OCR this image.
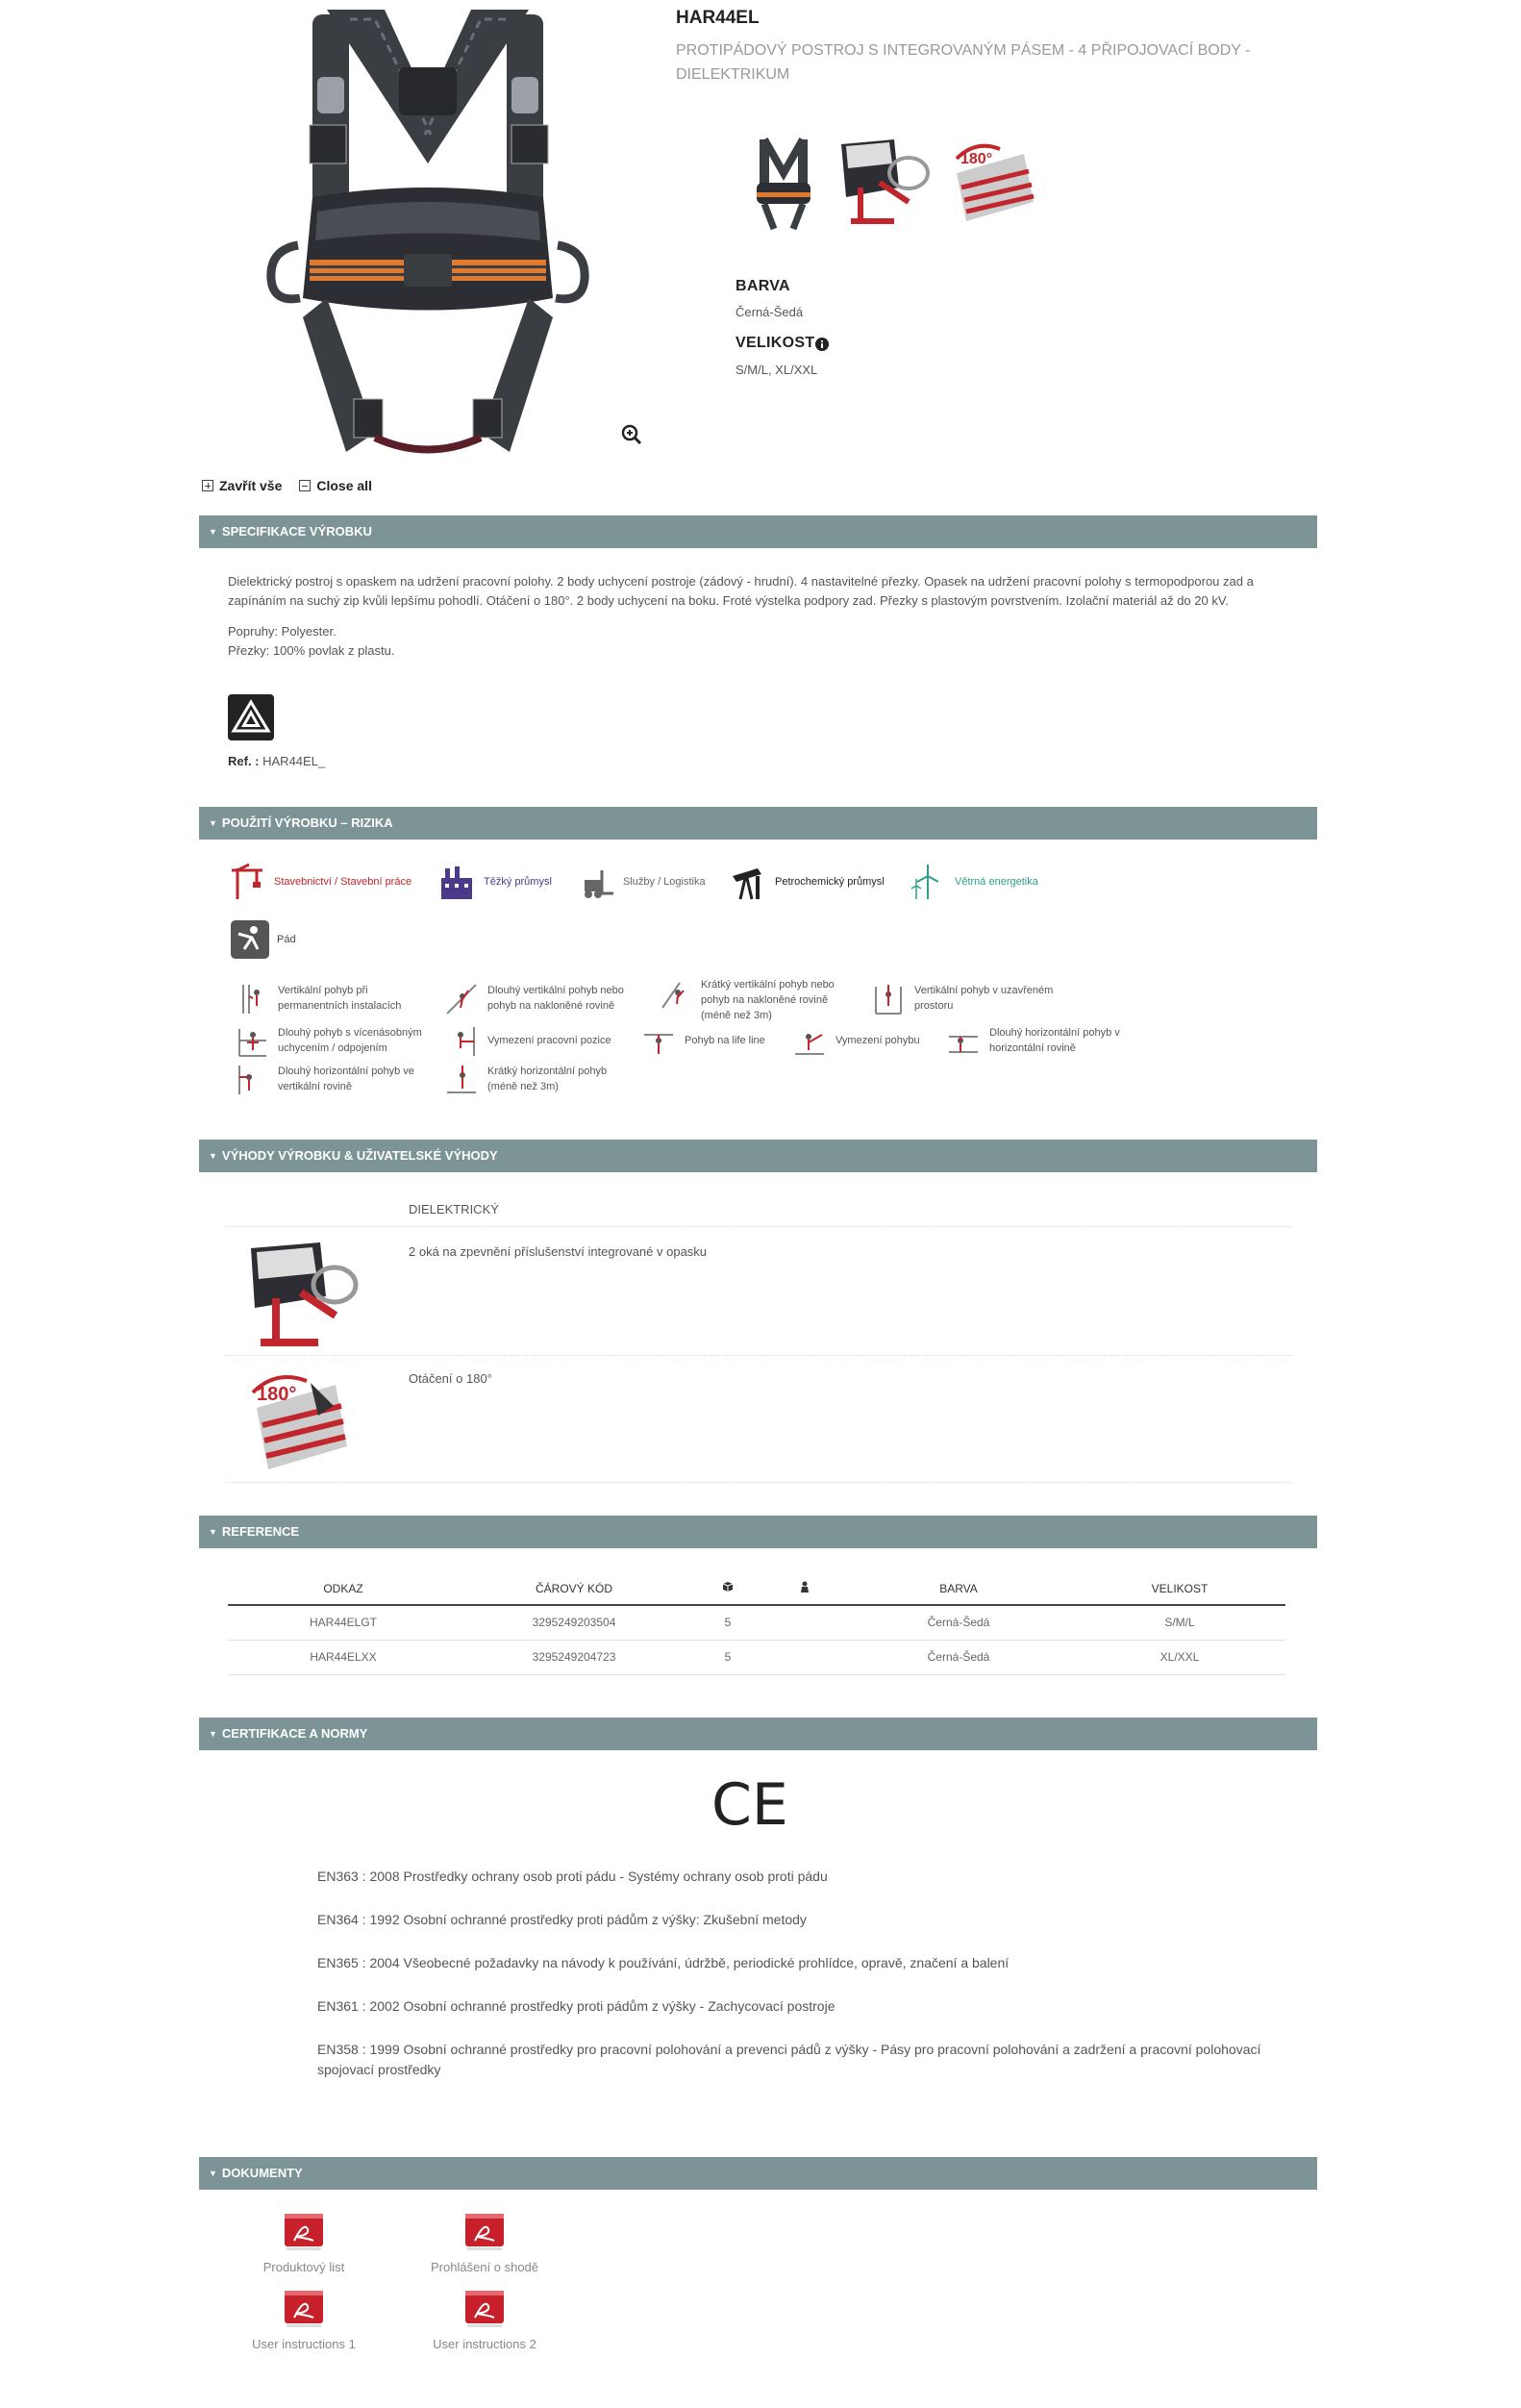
HAR44EL
PROTIPÁDOVÝ POSTROJ S INTEGROVANÝM PÁSEM - 4 PŘIPOJOVACÍ BODY - DIELEKTRIKUM
180°
BARVA
Černá-Šedá
VELIKOST
S/M/L, XL/XXL
Zavřít vše	Close all
▼ SPECIFIKACE VÝROBKU

Dielektrický postroj s opaskem na udržení pracovní polohy. 2 body uchycení postroje (zádový - hrudní). 4 nastavitelné přezky. Opasek na udržení pracovní polohy s termopodporou zad a zapínáním na suchý zip kvůli lepšímu pohodlí. Otáčení o 180°. 2 body uchycení na boku. Froté výstelka podpory zad. Přezky s plastovým povrstvením. Izolační materiál až do 20 kV.

Popruhy: Polyester.
Přezky: 100% povlak z plastu.
Ref. : HAR44EL_
▼ POUŽITÍ VÝROBKU – RIZIKA
Stavebnictví / Stavební práce	Těžký průmysl	Služby / Logistika	Petrochemický průmysl	Větrná energetika
Pád
Vertikální pohyb při permanentních instalacích
Dlouhý vertikální pohyb nebo pohyb na nakloněné rovině
Krátký vertikální pohyb nebo pohyb na nakloněné rovině (méně než 3m)
Vertikální pohyb v uzavřeném prostoru
Dlouhý pohyb s vícenásobným uchycením / odpojením
Vymezení pracovní pozice	Pohyb na life line	Vymezení pohybu
Dlouhý horizontální pohyb v horizontální rovině
Dlouhý horizontální pohyb ve vertikální rovině
Krátký horizontální pohyb (méně než 3m)
▼ VÝHODY VÝROBKU & UŽIVATELSKÉ VÝHODY
DIELEKTRICKÝ
2 oká na zpevnění příslušenství integrované v opasku
180°
Otáčení o 180°
▼ REFERENCE
ODKAZ	ČÁROVÝ KÓD			BARVA	VELIKOST
HAR44ELGT	3295249203504	5		Černá-Šedá	S/M/L
HAR44ELXX	3295249204723	5		Černá-Šedá	XL/XXL
▼ CERTIFIKACE A NORMY
CE
EN363 : 2008 Prostředky ochrany osob proti pádu - Systémy ochrany osob proti pádu
EN364 : 1992 Osobní ochranné prostředky proti pádům z výšky: Zkušební metody
EN365 : 2004 Všeobecné požadavky na návody k používání, údržbě, periodické prohlídce, opravě, značení a balení
EN361 : 2002 Osobní ochranné prostředky proti pádům z výšky - Zachycovací postroje
EN358 : 1999 Osobní ochranné prostředky pro pracovní polohování a prevenci pádů z výšky - Pásy pro pracovní polohování a zadržení a pracovní polohovací spojovací prostředky
▼ DOKUMENTY
Produktový list	Prohlášení o shodě
User instructions 1	User instructions 2
